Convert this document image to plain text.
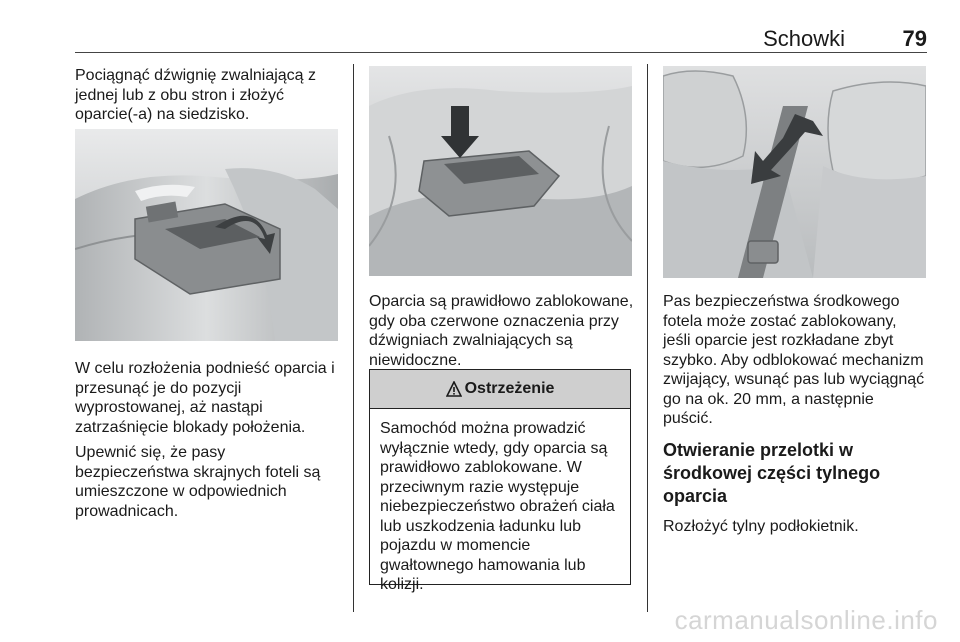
Schowki	79

Pociągnąć dźwignię zwalniającą z jednej lub z obu stron i złożyć oparcie(-a) na siedzisko.

W celu rozłożenia podnieść oparcia i przesunąć je do pozycji wyprostowanej, aż nastąpi zatrzaśnięcie blokady położenia.

Upewnić się, że pasy bezpieczeństwa skrajnych foteli są umieszczone w odpowiednich prowadnicach.

Oparcia są prawidłowo zablokowane, gdy oba czerwone oznaczenia przy dźwigniach zwalniających są niewidoczne.

Ostrzeżenie
Samochód można prowadzić wyłącznie wtedy, gdy oparcia są prawidłowo zablokowane. W przeciwnym razie występuje niebezpieczeństwo obrażeń ciała lub uszkodzenia ładunku lub pojazdu w momencie gwałtownego hamowania lub kolizji.

Pas bezpieczeństwa środkowego fotela może zostać zablokowany, jeśli oparcie jest rozkładane zbyt szybko. Aby odblokować mechanizm zwijający, wsunąć pas lub wyciągnąć go na ok. 20 mm, a następnie puścić.

Otwieranie przelotki w środkowej części tylnego oparcia

Rozłożyć tylny podłokietnik.

carmanualsonline.info
